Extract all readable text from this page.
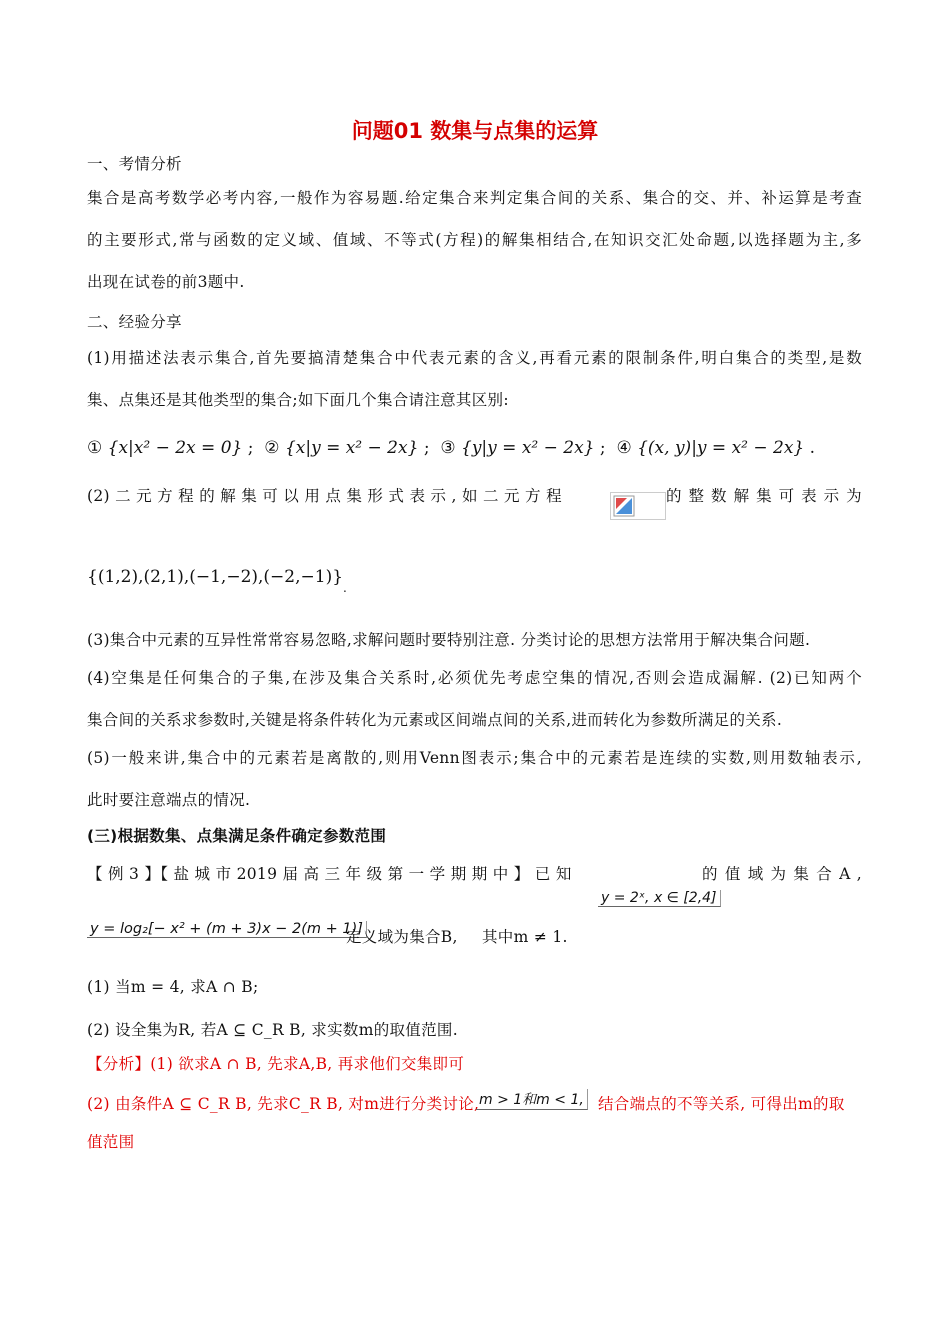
问题01 数集与点集的运算
一、考情分析
集合是高考数学必考内容,一般作为容易题.给定集合来判定集合间的关系、集合的交、并、补运算是考查
的主要形式,常与函数的定义域、值域、不等式(方程)的解集相结合,在知识交汇处命题,以选择题为主,多
出现在试卷的前3题中.
二、经验分享
(1)用描述法表示集合,首先要搞清楚集合中代表元素的含义,再看元素的限制条件,明白集合的类型,是数
集、点集还是其他类型的集合;如下面几个集合请注意其区别:
① {x|x² − 2x = 0} ; ② {x|y = x² − 2x} ; ③ {y|y = x² − 2x} ; ④ {(x, y)|y = x² − 2x} .
(2) 二 元 方 程 的 解 集 可 以 用 点 集 形 式 表 示 , 如 二 元 方 程	的 整 数 解 集 可 表 示 为
$\{(1,2),(2,1),(-1,-2),(-2,-1)\}_.$
(3)集合中元素的互异性常常容易忽略,求解问题时要特别注意. 分类讨论的思想方法常用于解决集合问题.
(4)空集是任何集合的子集,在涉及集合关系时,必须优先考虑空集的情况,否则会造成漏解. (2)已知两个
集合间的关系求参数时,关键是将条件转化为元素或区间端点间的关系,进而转化为参数所满足的关系.
(5)一般来讲,集合中的元素若是离散的,则用Venn图表示;集合中的元素若是连续的实数,则用数轴表示,
此时要注意端点的情况.
(三)根据数集、点集满足条件确定参数范围
【 例 3 】【 盐 城 市 2019 届 高 三 年 级 第 一 学 期 期 中 】 已 知
y = 2ˣ, x ∈ [2,4]
的 值 域 为 集 合 A ,
y = log₂[− x² + (m + 3)x − 2(m + 1)]
定义域为集合B, 其中m ≠ 1.
(1) 当m = 4, 求A ∩ B;
(2) 设全集为R, 若A ⊆ C_R B, 求实数m的取值范围.
【分析】(1) 欲求A ∩ B, 先求A,B, 再求他们交集即可
(2) 由条件A ⊆ C_R B, 先求C_R B, 对m进行分类讨论, m > 1和m < 1, 结合端点的不等关系, 可得出m的取
值范围
